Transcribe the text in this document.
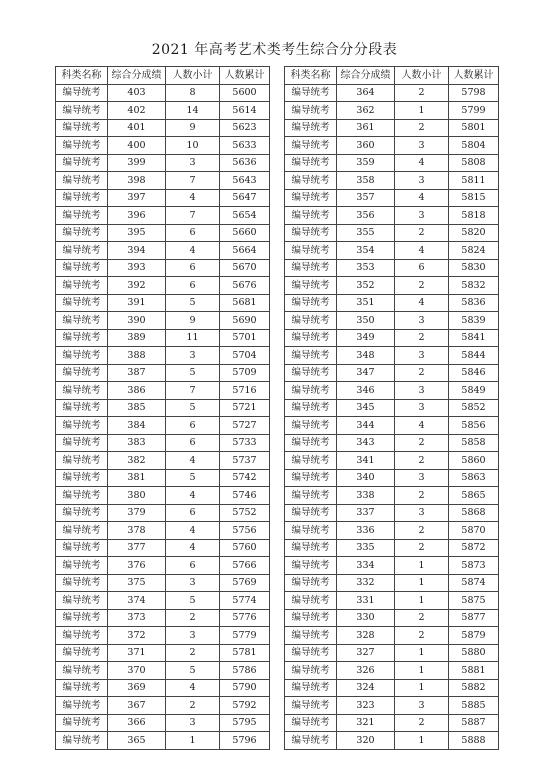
2021 年高考艺术类考生综合分分段表
科类名称	综合分成绩	人数小计	人数累计
编导统考	403	8	5600
编导统考	402	14	5614
编导统考	401	9	5623
编导统考	400	10	5633
编导统考	399	3	5636
编导统考	398	7	5643
编导统考	397	4	5647
编导统考	396	7	5654
编导统考	395	6	5660
编导统考	394	4	5664
编导统考	393	6	5670
编导统考	392	6	5676
编导统考	391	5	5681
编导统考	390	9	5690
编导统考	389	11	5701
编导统考	388	3	5704
编导统考	387	5	5709
编导统考	386	7	5716
编导统考	385	5	5721
编导统考	384	6	5727
编导统考	383	6	5733
编导统考	382	4	5737
编导统考	381	5	5742
编导统考	380	4	5746
编导统考	379	6	5752
编导统考	378	4	5756
编导统考	377	4	5760
编导统考	376	6	5766
编导统考	375	3	5769
编导统考	374	5	5774
编导统考	373	2	5776
编导统考	372	3	5779
编导统考	371	2	5781
编导统考	370	5	5786
编导统考	369	4	5790
编导统考	367	2	5792
编导统考	366	3	5795
编导统考	365	1	5796
科类名称	综合分成绩	人数小计	人数累计
编导统考	364	2	5798
编导统考	362	1	5799
编导统考	361	2	5801
编导统考	360	3	5804
编导统考	359	4	5808
编导统考	358	3	5811
编导统考	357	4	5815
编导统考	356	3	5818
编导统考	355	2	5820
编导统考	354	4	5824
编导统考	353	6	5830
编导统考	352	2	5832
编导统考	351	4	5836
编导统考	350	3	5839
编导统考	349	2	5841
编导统考	348	3	5844
编导统考	347	2	5846
编导统考	346	3	5849
编导统考	345	3	5852
编导统考	344	4	5856
编导统考	343	2	5858
编导统考	341	2	5860
编导统考	340	3	5863
编导统考	338	2	5865
编导统考	337	3	5868
编导统考	336	2	5870
编导统考	335	2	5872
编导统考	334	1	5873
编导统考	332	1	5874
编导统考	331	1	5875
编导统考	330	2	5877
编导统考	328	2	5879
编导统考	327	1	5880
编导统考	326	1	5881
编导统考	324	1	5882
编导统考	323	3	5885
编导统考	321	2	5887
编导统考	320	1	5888
